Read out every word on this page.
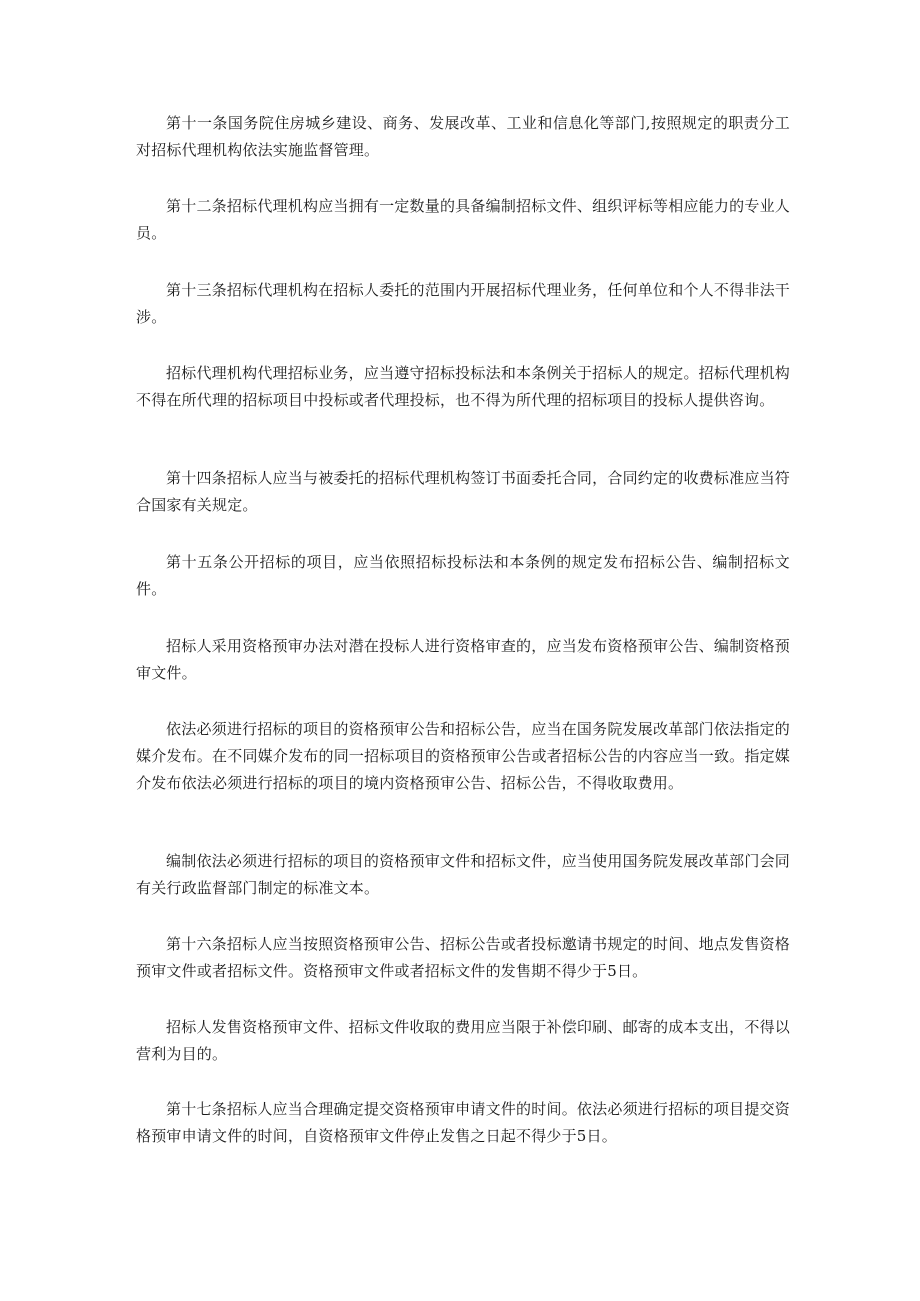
第十一条国务院住房城乡建设、商务、发展改革、工业和信息化等部门,按照规定的职责分工对招标代理机构依法实施监督管理。

第十二条招标代理机构应当拥有一定数量的具备编制招标文件、组织评标等相应能力的专业人员。

第十三条招标代理机构在招标人委托的范围内开展招标代理业务，任何单位和个人不得非法干涉。

招标代理机构代理招标业务，应当遵守招标投标法和本条例关于招标人的规定。招标代理机构不得在所代理的招标项目中投标或者代理投标，也不得为所代理的招标项目的投标人提供咨询。

第十四条招标人应当与被委托的招标代理机构签订书面委托合同，合同约定的收费标准应当符合国家有关规定。

第十五条公开招标的项目，应当依照招标投标法和本条例的规定发布招标公告、编制招标文件。

招标人采用资格预审办法对潜在投标人进行资格审查的，应当发布资格预审公告、编制资格预审文件。

依法必须进行招标的项目的资格预审公告和招标公告，应当在国务院发展改革部门依法指定的媒介发布。在不同媒介发布的同一招标项目的资格预审公告或者招标公告的内容应当一致。指定媒介发布依法必须进行招标的项目的境内资格预审公告、招标公告，不得收取费用。

编制依法必须进行招标的项目的资格预审文件和招标文件，应当使用国务院发展改革部门会同有关行政监督部门制定的标准文本。

第十六条招标人应当按照资格预审公告、招标公告或者投标邀请书规定的时间、地点发售资格预审文件或者招标文件。资格预审文件或者招标文件的发售期不得少于5日。

招标人发售资格预审文件、招标文件收取的费用应当限于补偿印刷、邮寄的成本支出，不得以营利为目的。

第十七条招标人应当合理确定提交资格预审申请文件的时间。依法必须进行招标的项目提交资格预审申请文件的时间，自资格预审文件停止发售之日起不得少于5日。
